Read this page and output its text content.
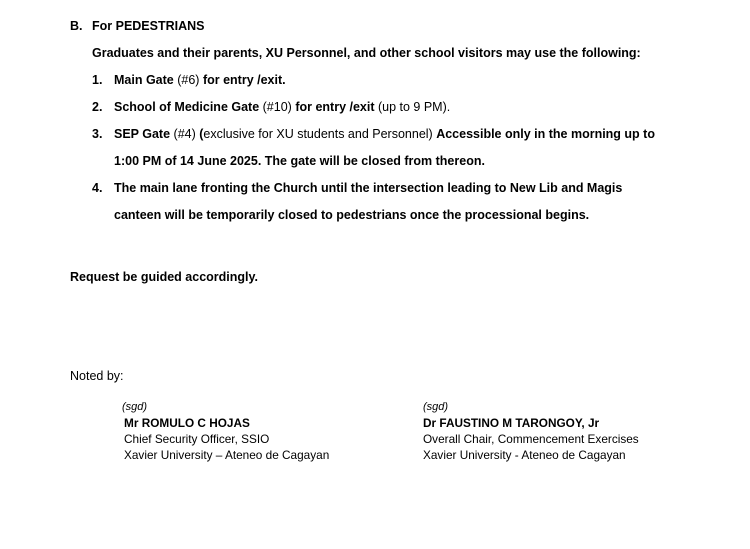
B. For PEDESTRIANS
Graduates and their parents, XU Personnel, and other school visitors may use the following:
1. Main Gate (#6) for entry /exit.
2. School of Medicine Gate (#10) for entry /exit (up to 9 PM).
3. SEP Gate (#4) (exclusive for XU students and Personnel) Accessible only in the morning up to
1:00 PM of 14 June 2025. The gate will be closed from thereon.
4. The main lane fronting the Church until the intersection leading to New Lib and Magis
canteen will be temporarily closed to pedestrians once the processional begins.
Request be guided accordingly.
Noted by:
(sgd)
Mr ROMULO C HOJAS
Chief Security Officer, SSIO
Xavier University – Ateneo de Cagayan
(sgd)
Dr FAUSTINO M TARONGOY, Jr
Overall Chair, Commencement Exercises
Xavier University - Ateneo de Cagayan
